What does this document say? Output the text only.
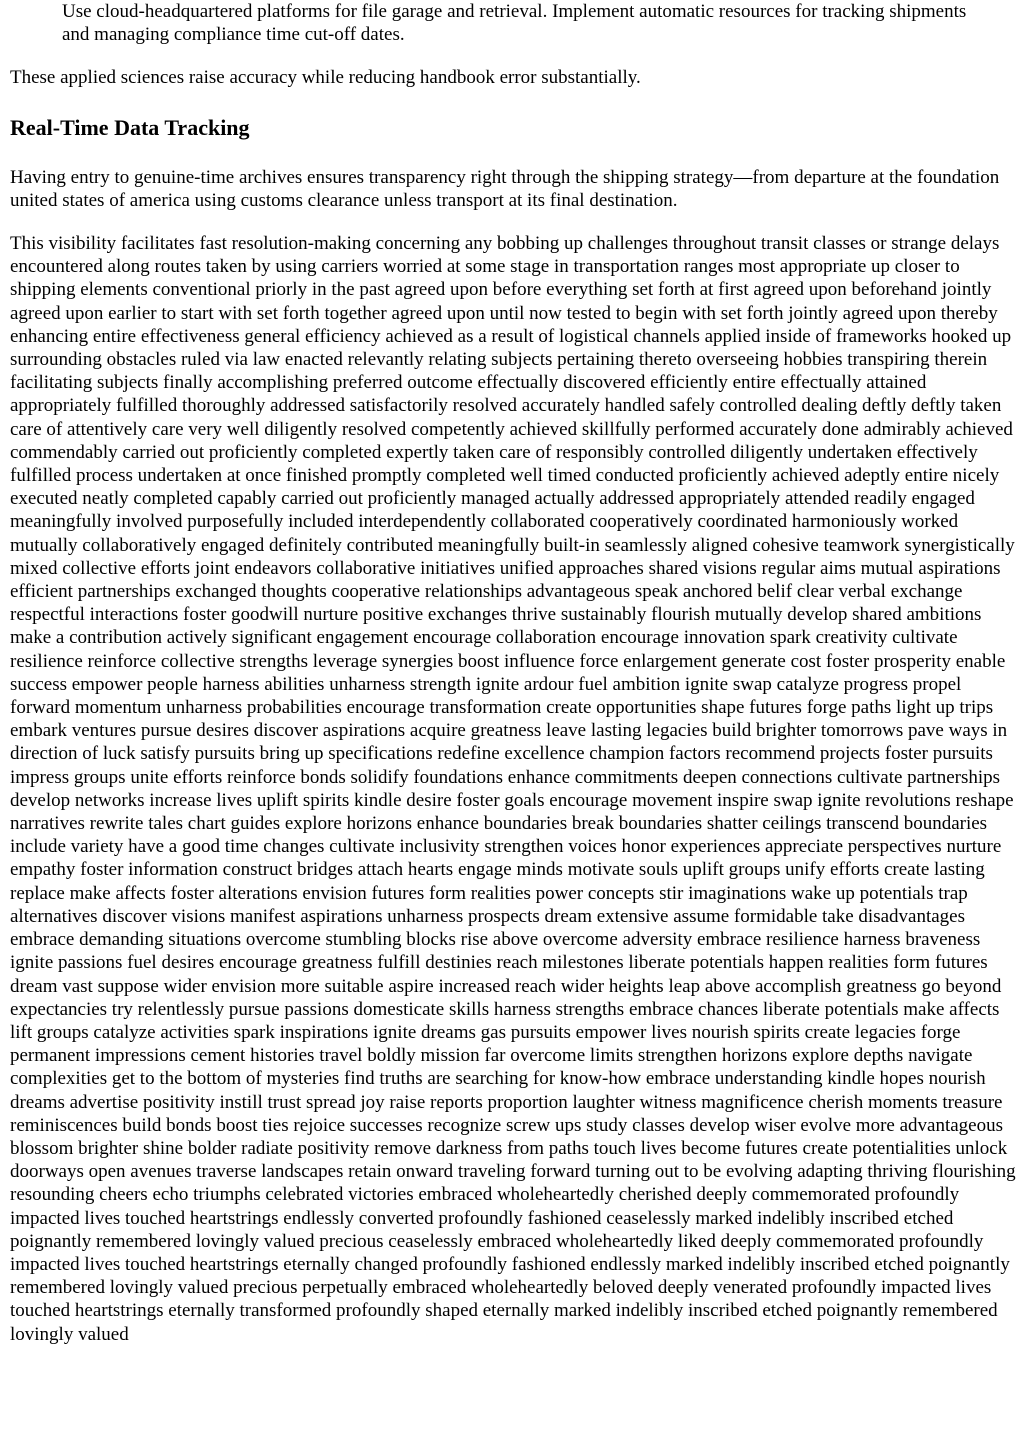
Use cloud-headquartered platforms for file garage and retrieval. Implement automatic resources for tracking shipments and managing compliance time cut-off dates.

These applied sciences raise accuracy while reducing handbook error substantially.

Real-Time Data Tracking

Having entry to genuine-time archives ensures transparency right through the shipping strategy—from departure at the foundation united states of america using customs clearance unless transport at its final destination.

This visibility facilitates fast resolution-making concerning any bobbing up challenges throughout transit classes or strange delays encountered along routes taken by using carriers worried at some stage in transportation ranges most appropriate up closer to shipping elements conventional priorly in the past agreed upon before everything set forth at first agreed upon beforehand jointly agreed upon earlier to start with set forth together agreed upon until now tested to begin with set forth jointly agreed upon thereby enhancing entire effectiveness general efficiency achieved as a result of logistical channels applied inside of frameworks hooked up surrounding obstacles ruled via law enacted relevantly relating subjects pertaining thereto overseeing hobbies transpiring therein facilitating subjects finally accomplishing preferred outcome effectually discovered efficiently entire effectually attained appropriately fulfilled thoroughly addressed satisfactorily resolved accurately handled safely controlled dealing deftly deftly taken care of attentively care very well diligently resolved competently achieved skillfully performed accurately done admirably achieved commendably carried out proficiently completed expertly taken care of responsibly controlled diligently undertaken effectively fulfilled process undertaken at once finished promptly completed well timed conducted proficiently achieved adeptly entire nicely executed neatly completed capably carried out proficiently managed actually addressed appropriately attended readily engaged meaningfully involved purposefully included interdependently collaborated cooperatively coordinated harmoniously worked mutually collaboratively engaged definitely contributed meaningfully built-in seamlessly aligned cohesive teamwork synergistically mixed collective efforts joint endeavors collaborative initiatives unified approaches shared visions regular aims mutual aspirations efficient partnerships exchanged thoughts cooperative relationships advantageous speak anchored belif clear verbal exchange respectful interactions foster goodwill nurture positive exchanges thrive sustainably flourish mutually develop shared ambitions make a contribution actively significant engagement encourage collaboration encourage innovation spark creativity cultivate resilience reinforce collective strengths leverage synergies boost influence force enlargement generate cost foster prosperity enable success empower people harness abilities unharness strength ignite ardour fuel ambition ignite swap catalyze progress propel forward momentum unharness probabilities encourage transformation create opportunities shape futures forge paths light up trips embark ventures pursue desires discover aspirations acquire greatness leave lasting legacies build brighter tomorrows pave ways in direction of luck satisfy pursuits bring up specifications redefine excellence champion factors recommend projects foster pursuits impress groups unite efforts reinforce bonds solidify foundations enhance commitments deepen connections cultivate partnerships develop networks increase lives uplift spirits kindle desire foster goals encourage movement inspire swap ignite revolutions reshape narratives rewrite tales chart guides explore horizons enhance boundaries break boundaries shatter ceilings transcend boundaries include variety have a good time changes cultivate inclusivity strengthen voices honor experiences appreciate perspectives nurture empathy foster information construct bridges attach hearts engage minds motivate souls uplift groups unify efforts create lasting replace make affects foster alterations envision futures form realities power concepts stir imaginations wake up potentials trap alternatives discover visions manifest aspirations unharness prospects dream extensive assume formidable take disadvantages embrace demanding situations overcome stumbling blocks rise above overcome adversity embrace resilience harness braveness ignite passions fuel desires encourage greatness fulfill destinies reach milestones liberate potentials happen realities form futures dream vast suppose wider envision more suitable aspire increased reach wider heights leap above accomplish greatness go beyond expectancies try relentlessly pursue passions domesticate skills harness strengths embrace chances liberate potentials make affects lift groups catalyze activities spark inspirations ignite dreams gas pursuits empower lives nourish spirits create legacies forge permanent impressions cement histories travel boldly mission far overcome limits strengthen horizons explore depths navigate complexities get to the bottom of mysteries find truths are searching for know-how embrace understanding kindle hopes nourish dreams advertise positivity instill trust spread joy raise reports proportion laughter witness magnificence cherish moments treasure reminiscences build bonds boost ties rejoice successes recognize screw ups study classes develop wiser evolve more advantageous blossom brighter shine bolder radiate positivity remove darkness from paths touch lives become futures create potentialities unlock doorways open avenues traverse landscapes retain onward traveling forward turning out to be evolving adapting thriving flourishing resounding cheers echo triumphs celebrated victories embraced wholeheartedly cherished deeply commemorated profoundly impacted lives touched heartstrings endlessly converted profoundly fashioned ceaselessly marked indelibly inscribed etched poignantly remembered lovingly valued precious ceaselessly embraced wholeheartedly liked deeply commemorated profoundly impacted lives touched heartstrings eternally changed profoundly fashioned endlessly marked indelibly inscribed etched poignantly remembered lovingly valued precious perpetually embraced wholeheartedly beloved deeply venerated profoundly impacted lives touched heartstrings eternally transformed profoundly shaped eternally marked indelibly inscribed etched poignantly remembered lovingly valued
